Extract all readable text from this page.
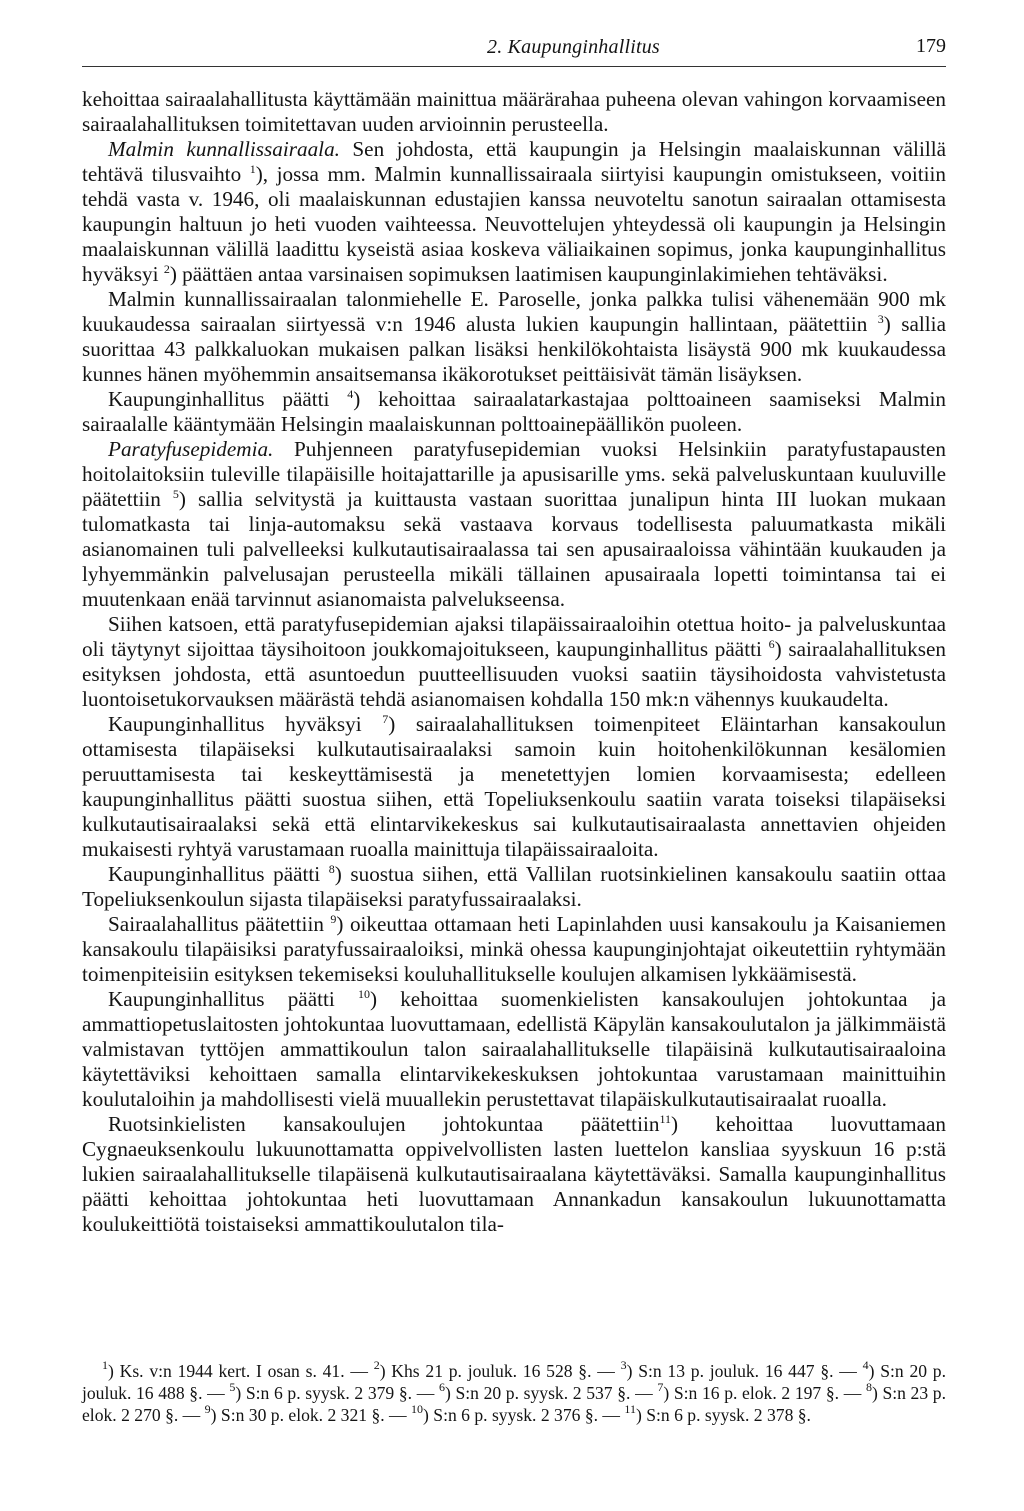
2. Kaupunginhallitus	179

kehoittaa sairaalahallitusta käyttämään mainittua määrärahaa puheena olevan vahingon korvaamiseen sairaalahallituksen toimitettavan uuden arvioinnin perusteella.

Malmin kunnallissairaala. Sen johdosta, että kaupungin ja Helsingin maalaiskunnan välillä tehtävä tilusvaihto $^1$), jossa mm. Malmin kunnallissairaala siirtyisi kaupungin omistukseen, voitiin tehdä vasta v. 1946, oli maalaiskunnan edustajien kanssa neuvoteltu sanotun sairaalan ottamisesta kaupungin haltuun jo heti vuoden vaihteessa. Neuvottelujen yhteydessä oli kaupungin ja Helsingin maalaiskunnan välillä laadittu kyseistä asiaa koskeva väliaikainen sopimus, jonka kaupunginhallitus hyväksyi $^2$) päättäen antaa varsinaisen sopimuksen laatimisen kaupunginlakimiehen tehtäväksi.

Malmin kunnallissairaalan talonmiehelle E. Paroselle, jonka palkka tulisi vähenemään 900 mk kuukaudessa sairaalan siirtyessä v:n 1946 alusta lukien kaupungin hallintaan, päätettiin $^3$) sallia suorittaa 43 palkkaluokan mukaisen palkan lisäksi henkilökohtaista lisäystä 900 mk kuukaudessa kunnes hänen myöhemmin ansaitsemansa ikäkorotukset peittäisivät tämän lisäyksen.

Kaupunginhallitus päätti $^4$) kehoittaa sairaalatarkastajaa polttoaineen saamiseksi Malmin sairaalalle kääntymään Helsingin maalaiskunnan polttoainepäällikön puoleen.

Paratyfusepidemia. Puhjenneen paratyfusepidemian vuoksi Helsinkiin paratyfustapausten hoitolaitoksiin tuleville tilapäisille hoitajattarille ja apusisarille yms. sekä palveluskuntaan kuuluville päätettiin $^5$) sallia selvitystä ja kuittausta vastaan suorittaa junalipun hinta III luokan mukaan tulomatkasta tai linja-automaksu sekä vastaava korvaus todellisesta paluumatkasta mikäli asianomainen tuli palvelleeksi kulkutautisairaalassa tai sen apusairaaloissa vähintään kuukauden ja lyhyemmänkin palvelusajan perusteella mikäli tällainen apusairaala lopetti toimintansa tai ei muutenkaan enää tarvinnut asianomaista palvelukseensa.

Siihen katsoen, että paratyfusepidemian ajaksi tilapäissairaaloihin otettua hoito- ja palveluskuntaa oli täytynyt sijoittaa täysihoitoon joukkomajoitukseen, kaupunginhallitus päätti $^6$) sairaalahallituksen esityksen johdosta, että asuntoedun puutteellisuuden vuoksi saatiin täysihoidosta vahvistetusta luontoisetukorvauksen määrästä tehdä asianomaisen kohdalla 150 mk:n vähennys kuukaudelta.

Kaupunginhallitus hyväksyi $^7$) sairaalahallituksen toimenpiteet Eläintarhan kansakoulun ottamisesta tilapäiseksi kulkutautisairaalaksi samoin kuin hoitohenkilökunnan kesälomien peruuttamisesta tai keskeyttämisestä ja menetettyjen lomien korvaamisesta; edelleen kaupunginhallitus päätti suostua siihen, että Topeliuksenkoulu saatiin varata toiseksi tilapäiseksi kulkutautisairaalaksi sekä että elintarvikekeskus sai kulkutautisairaalasta annettavien ohjeiden mukaisesti ryhtyä varustamaan ruoalla mainittuja tilapäissairaaloita.

Kaupunginhallitus päätti $^8$) suostua siihen, että Vallilan ruotsinkielinen kansakoulu saatiin ottaa Topeliuksenkoulun sijasta tilapäiseksi paratyfussairaalaksi.

Sairaalahallitus päätettiin $^9$) oikeuttaa ottamaan heti Lapinlahden uusi kansakoulu ja Kaisaniemen kansakoulu tilapäisiksi paratyfussairaaloiksi, minkä ohessa kaupunginjohtajat oikeutettiin ryhtymään toimenpiteisiin esityksen tekemiseksi kouluhallitukselle koulujen alkamisen lykkäämisestä.

Kaupunginhallitus päätti $^{10}$) kehoittaa suomenkielisten kansakoulujen johtokuntaa ja ammattiopetuslaitosten johtokuntaa luovuttamaan, edellistä Käpylän kansakoulutalon ja jälkimmäistä valmistavan tyttöjen ammattikoulun talon sairaalahallitukselle tilapäisinä kulkutautisairaaloina käytettäviksi kehoittaen samalla elintarvikekeskuksen johtokuntaa varustamaan mainittuihin koulutaloihin ja mahdollisesti vielä muuallekin perustettavat tilapäiskulkutautisairaalat ruoalla.

Ruotsinkielisten kansakoulujen johtokuntaa päätettiin$^{11}$) kehoittaa luovuttamaan Cygnaeuksenkoulu lukuunottamatta oppivelvollisten lasten luettelon kansliaa syyskuun 16 p:stä lukien sairaalahallitukselle tilapäisenä kulkutautisairaalana käytettäväksi. Samalla kaupunginhallitus päätti kehoittaa johtokuntaa heti luovuttamaan Annankadun kansakoulun lukuunottamatta koulukeittiötä toistaiseksi ammattikoulutalon tila-

$^1$) Ks. v:n 1944 kert. I osan s. 41. — $^2$) Khs 21 p. jouluk. 16 528 §. — $^3$) S:n 13 p. jouluk. 16 447 §. — $^4$) S:n 20 p. jouluk. 16 488 §. — $^5$) S:n 6 p. syysk. 2 379 §. — $^6$) S:n 20 p. syysk. 2 537 §. — $^7$) S:n 16 p. elok. 2 197 §. — $^8$) S:n 23 p. elok. 2 270 §. — $^9$) S:n 30 p. elok. 2 321 §. — $^{10}$) S:n 6 p. syysk. 2 376 §. — $^{11}$) S:n 6 p. syysk. 2 378 §.
